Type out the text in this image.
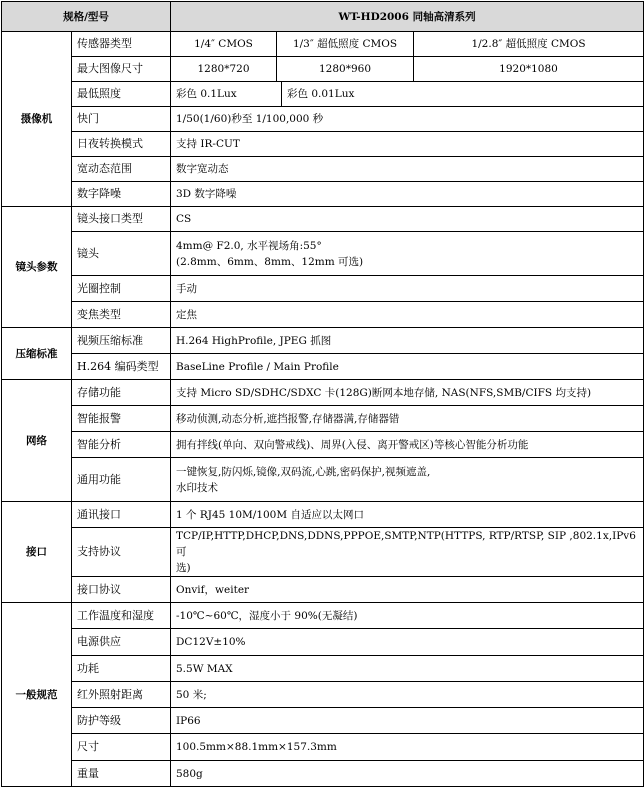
规格/型号		WT-HD2006 同轴高清系列			
摄像机	传感器类型	1/4″ CMOS	1/3″ 超低照度 CMOS		1/2.8″ 超低照度 CMOS
	最大图像尺寸	1280*720	1280*960		1920*1080
	最低照度	彩色 0.1Lux		彩色 0.01Lux	
	快门	1/50(1/60)秒至 1/100,000 秒			
	日夜转换模式	支持 IR-CUT			
	宽动态范围	数字宽动态			
	数字降噪	3D 数字降噪			
镜头参数	镜头接口类型	CS			
	镜头	4mm@ F2.0, 水平视场角:55°
(2.8mm、6mm、8mm、12mm 可选)			

	光圈控制	手动			
	变焦类型	定焦			
压缩标准	视频压缩标准	H.264 HighProfile, JPEG 抓图			
	H.264 编码类型	BaseLine Profile / Main Profile			
网络	存储功能	支持 Micro SD/SDHC/SDXC 卡(128G)断网本地存储, NAS(NFS,SMB/CIFS 均支持)			
	智能报警	移动侦测,动态分析,遮挡报警,存储器满,存储器错			
	智能分析	拥有拌线(单向、双向警戒线)、周界(入侵、离开警戒区)等核心智能分析功能			
	通用功能	一键恢复,防闪烁,镜像,双码流,心跳,密码保护,视频遮盖,
水印技术			

接口	通讯接口	1 个 RJ45 10M/100M 自适应以太网口			
	支持协议	TCP/IP,HTTP,DHCP,DNS,DDNS,PPPOE,SMTP,NTP(HTTPS, RTP/RTSP, SIP ,802.1x,IPv6 可
选)			

	接口协议	Onvif，weiter			
一般规范	工作温度和湿度	-10℃~60℃，湿度小于 90%(无凝结)			
	电源供应	DC12V±10%			
	功耗	5.5W MAX			
	红外照射距离	50 米;			
	防护等级	IP66			
	尺寸	100.5mm×88.1mm×157.3mm			
	重量	580g			
